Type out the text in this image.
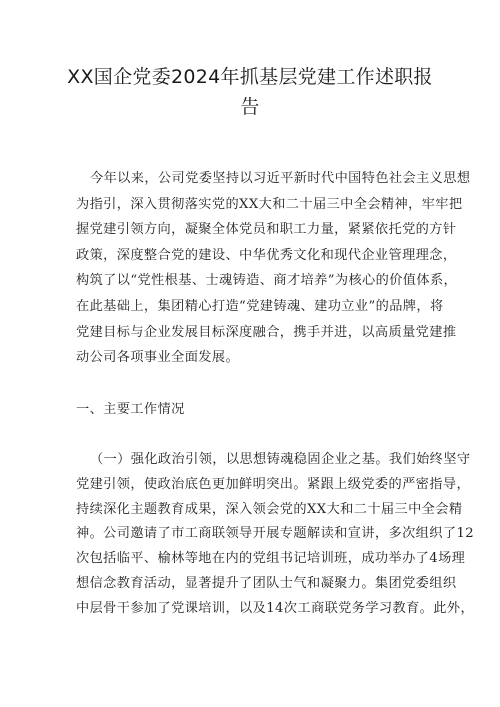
XX国企党委2024年抓基层党建工作述职报
告
今年以来，公司党委坚持以习近平新时代中国特色社会主义思想
为指引，深入贯彻落实党的XX大和二十届三中全会精神，牢牢把
握党建引领方向，凝聚全体党员和职工力量，紧紧依托党的方针
政策，深度整合党的建设、中华优秀文化和现代企业管理理念，
构筑了以“党性根基、士魂铸造、商才培养”为核心的价值体系，
在此基础上，集团精心打造“党建铸魂、建功立业”的品牌，将
党建目标与企业发展目标深度融合，携手并进，以高质量党建推
动公司各项事业全面发展。
一、主要工作情况
（一）强化政治引领，以思想铸魂稳固企业之基。我们始终坚守
党建引领，使政治底色更加鲜明突出。紧跟上级党委的严密指导，
持续深化主题教育成果，深入领会党的XX大和二十届三中全会精
神。公司邀请了市工商联领导开展专题解读和宣讲，多次组织了12
次包括临平、榆林等地在内的党组书记培训班，成功举办了4场理
想信念教育活动，显著提升了团队士气和凝聚力。集团党委组织
中层骨干参加了党课培训，以及14次工商联党务学习教育。此外，
